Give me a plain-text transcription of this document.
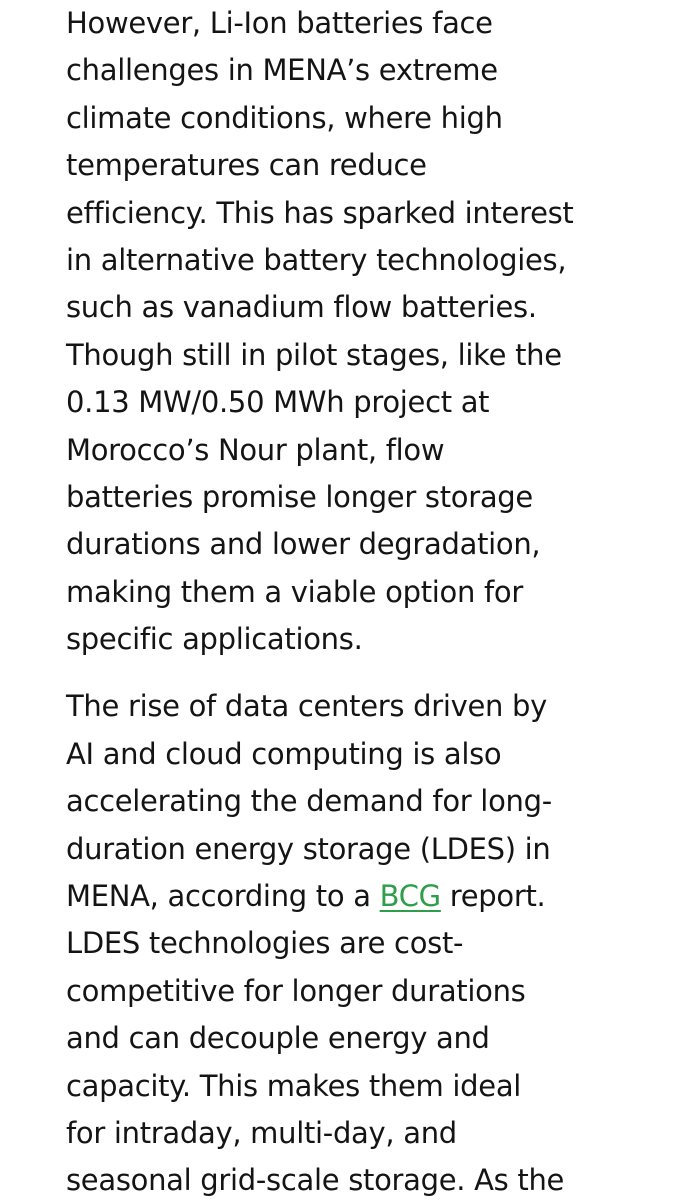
However, Li-Ion batteries face
challenges in MENA’s extreme
climate conditions, where high
temperatures can reduce
efficiency. This has sparked interest
in alternative battery technologies,
such as vanadium flow batteries.
Though still in pilot stages, like the
0.13 MW/0.50 MWh project at
Morocco’s Nour plant, flow
batteries promise longer storage
durations and lower degradation,
making them a viable option for
specific applications.

The rise of data centers driven by
AI and cloud computing is also
accelerating the demand for long-
duration energy storage (LDES) in
MENA, according to a BCG report.
LDES technologies are cost-
competitive for longer durations
and can decouple energy and
capacity. This makes them ideal
for intraday, multi-day, and
seasonal grid-scale storage. As the
